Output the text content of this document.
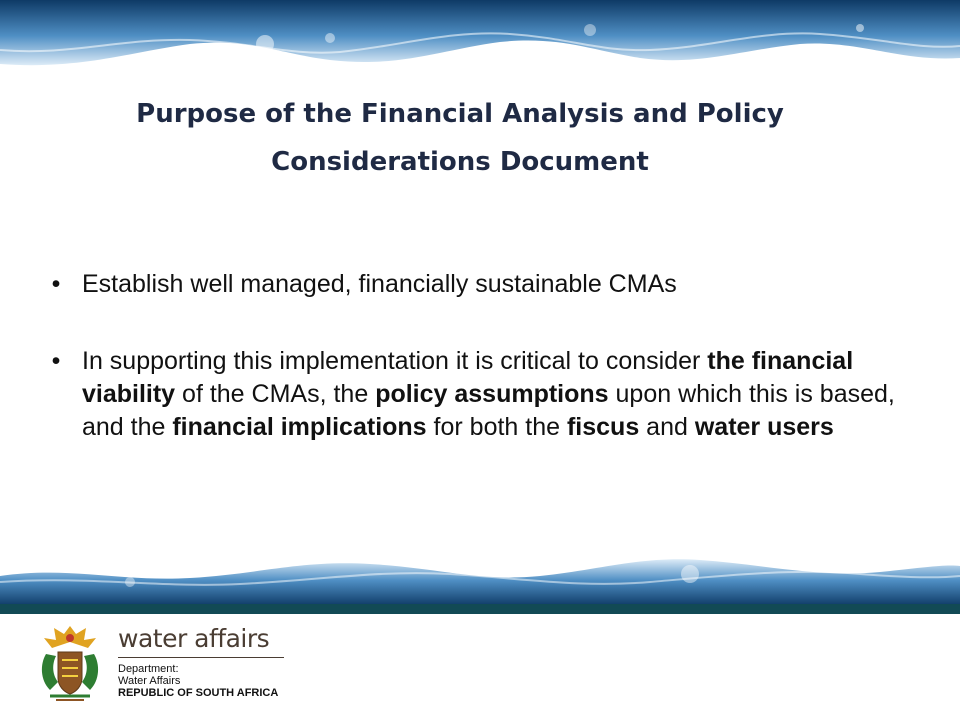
Purpose of the Financial Analysis and Policy
Considerations Document
• Establish well managed, financially sustainable CMAs
• In supporting this implementation it is critical to consider the financial viability of the CMAs, the policy assumptions upon which this is based, and the financial implications for both the fiscus and water users
water affairs
Department:
Water Affairs
REPUBLIC OF SOUTH AFRICA
